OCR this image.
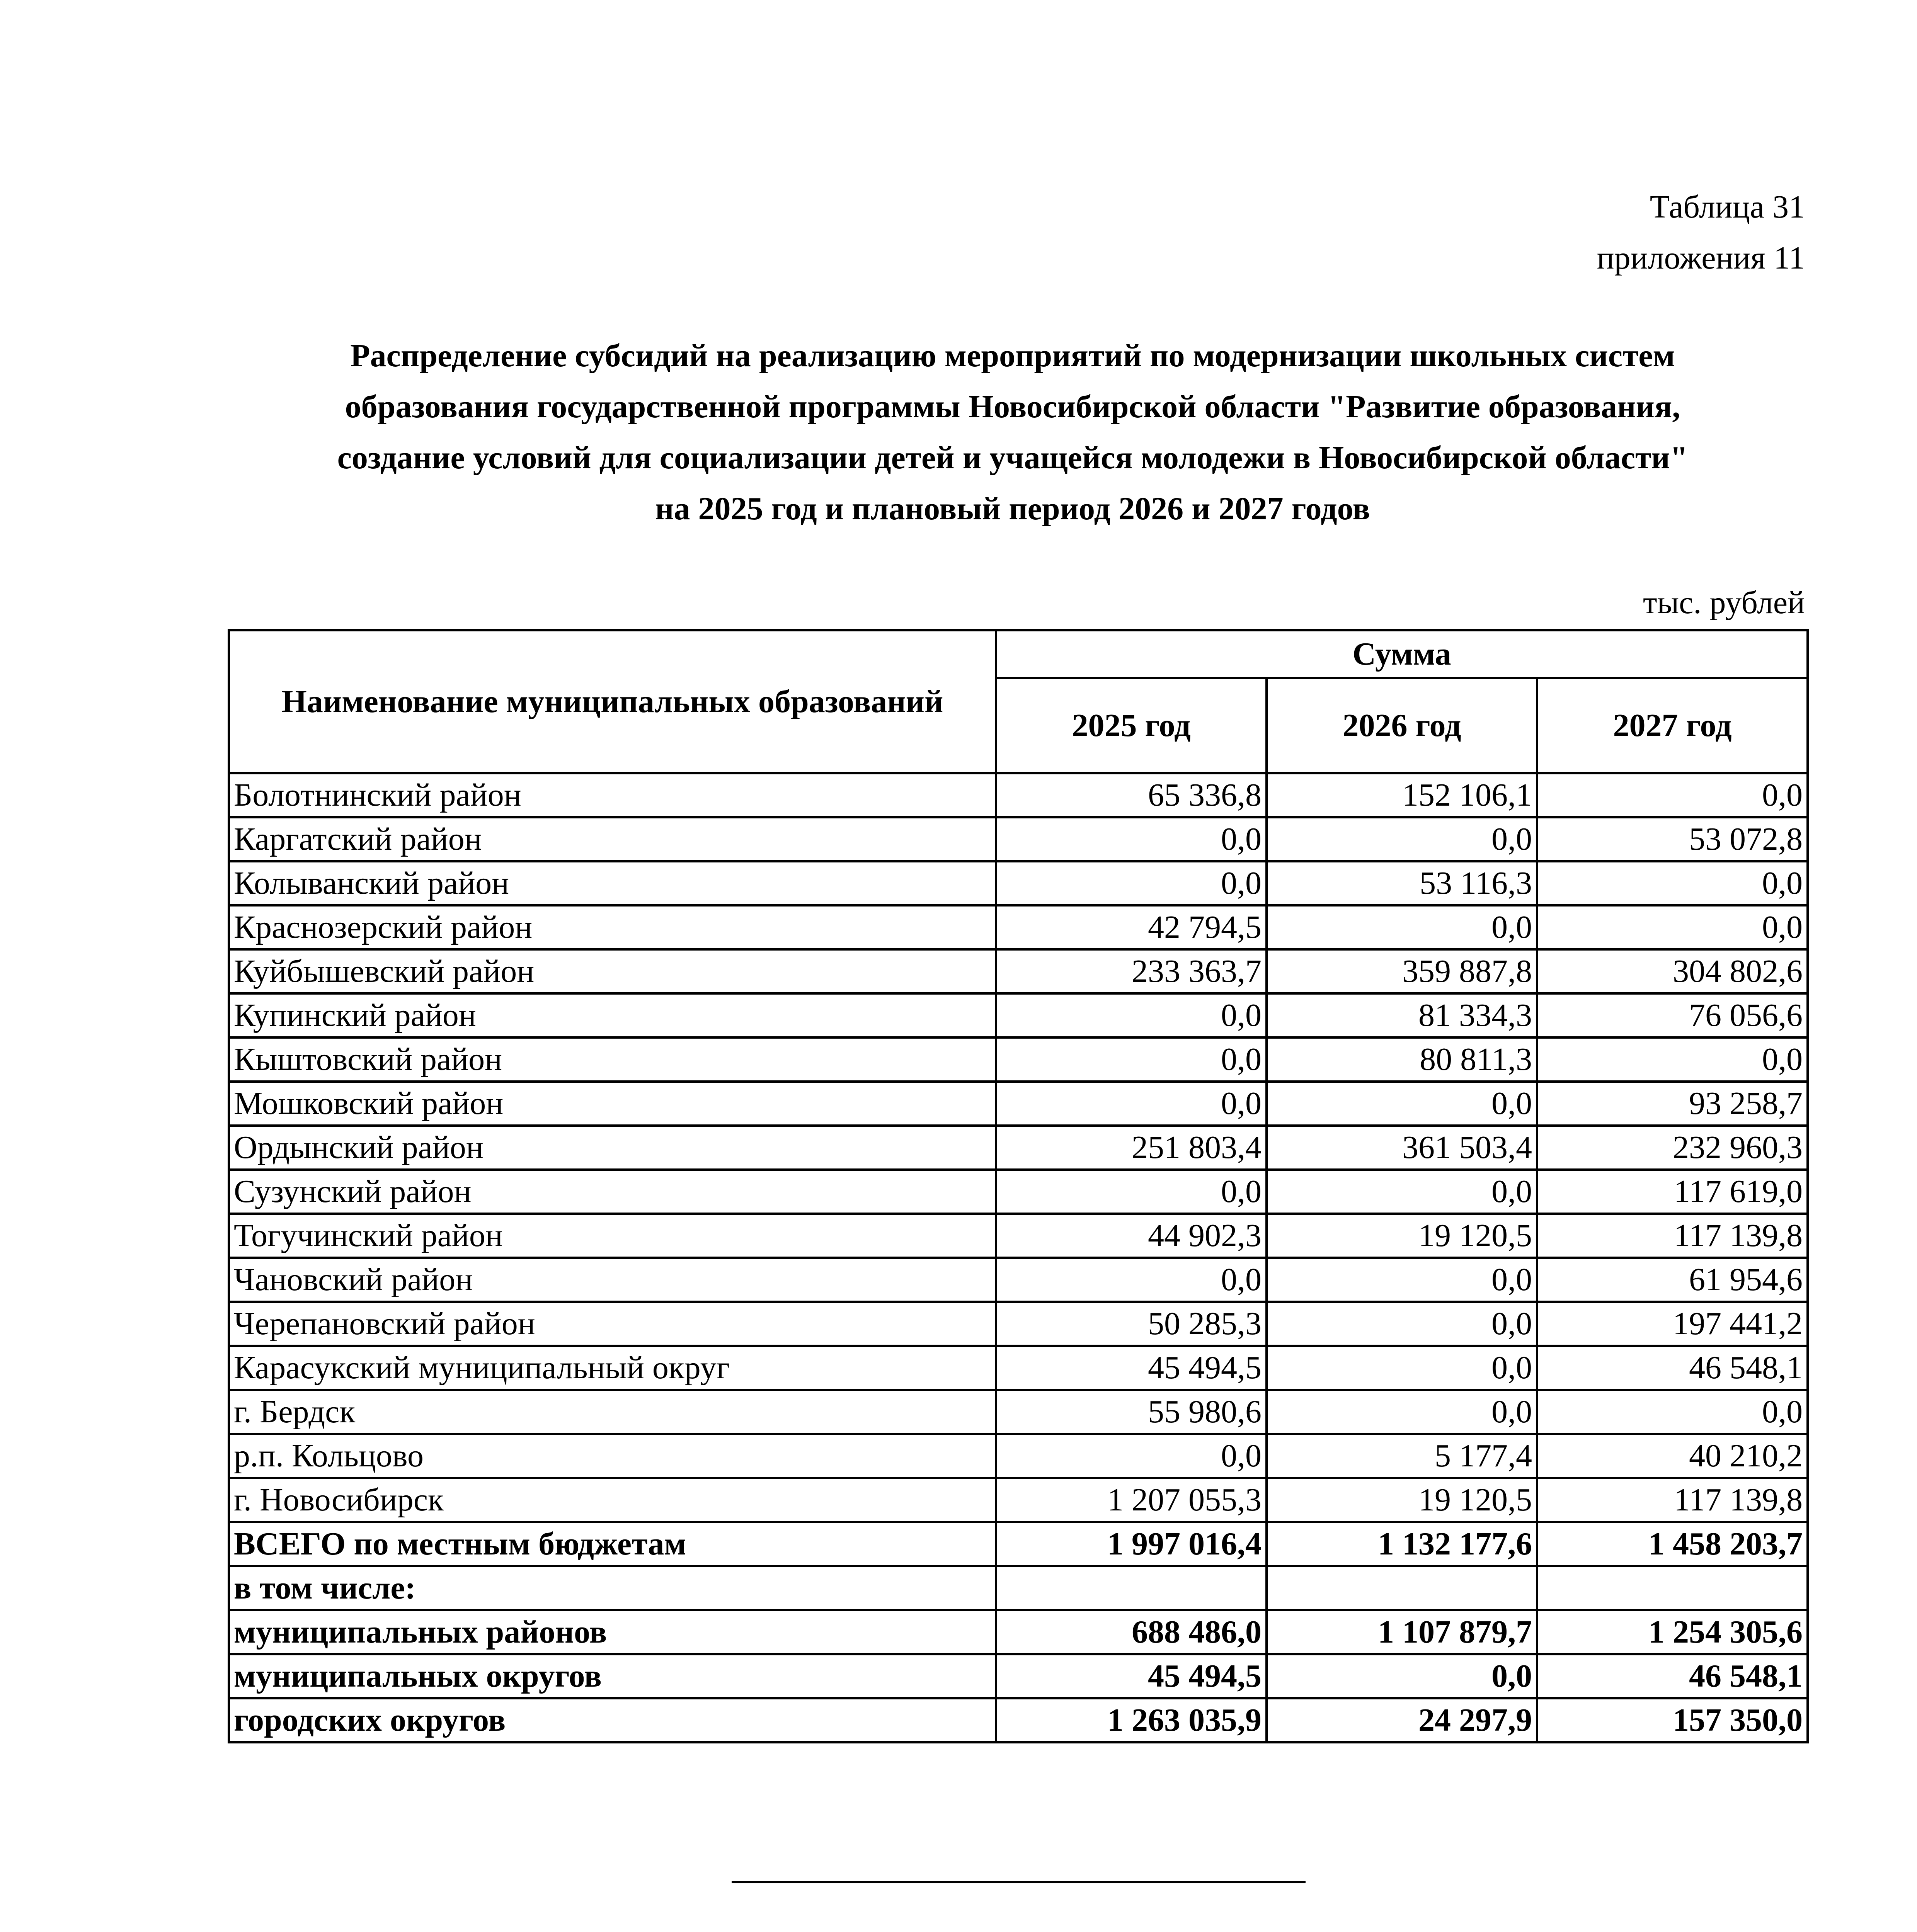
Таблица 31
приложения 11
Распределение субсидий на реализацию мероприятий по модернизации школьных систем
образования государственной программы Новосибирской области "Развитие образования,
создание условий для социализации детей и учащейся молодежи в Новосибирской области"
на 2025 год и плановый период 2026 и 2027 годов
тыс. рублей
Наименование муниципальных образований	Сумма		
	2025 год	2026 год	2027 год
Болотнинский район	65 336,8	152 106,1	0,0
Каргатский район	0,0	0,0	53 072,8
Колыванский район	0,0	53 116,3	0,0
Краснозерский район	42 794,5	0,0	0,0
Куйбышевский район	233 363,7	359 887,8	304 802,6
Купинский район	0,0	81 334,3	76 056,6
Кыштовский район	0,0	80 811,3	0,0
Мошковский район	0,0	0,0	93 258,7
Ордынский район	251 803,4	361 503,4	232 960,3
Сузунский район	0,0	0,0	117 619,0
Тогучинский район	44 902,3	19 120,5	117 139,8
Чановский район	0,0	0,0	61 954,6
Черепановский район	50 285,3	0,0	197 441,2
Карасукский муниципальный округ	45 494,5	0,0	46 548,1
г. Бердск	55 980,6	0,0	0,0
р.п. Кольцово	0,0	5 177,4	40 210,2
г. Новосибирск	1 207 055,3	19 120,5	117 139,8
ВСЕГО по местным бюджетам	1 997 016,4	1 132 177,6	1 458 203,7
в том числе:			
муниципальных районов	688 486,0	1 107 879,7	1 254 305,6
муниципальных округов	45 494,5	0,0	46 548,1
городских округов	1 263 035,9	24 297,9	157 350,0
